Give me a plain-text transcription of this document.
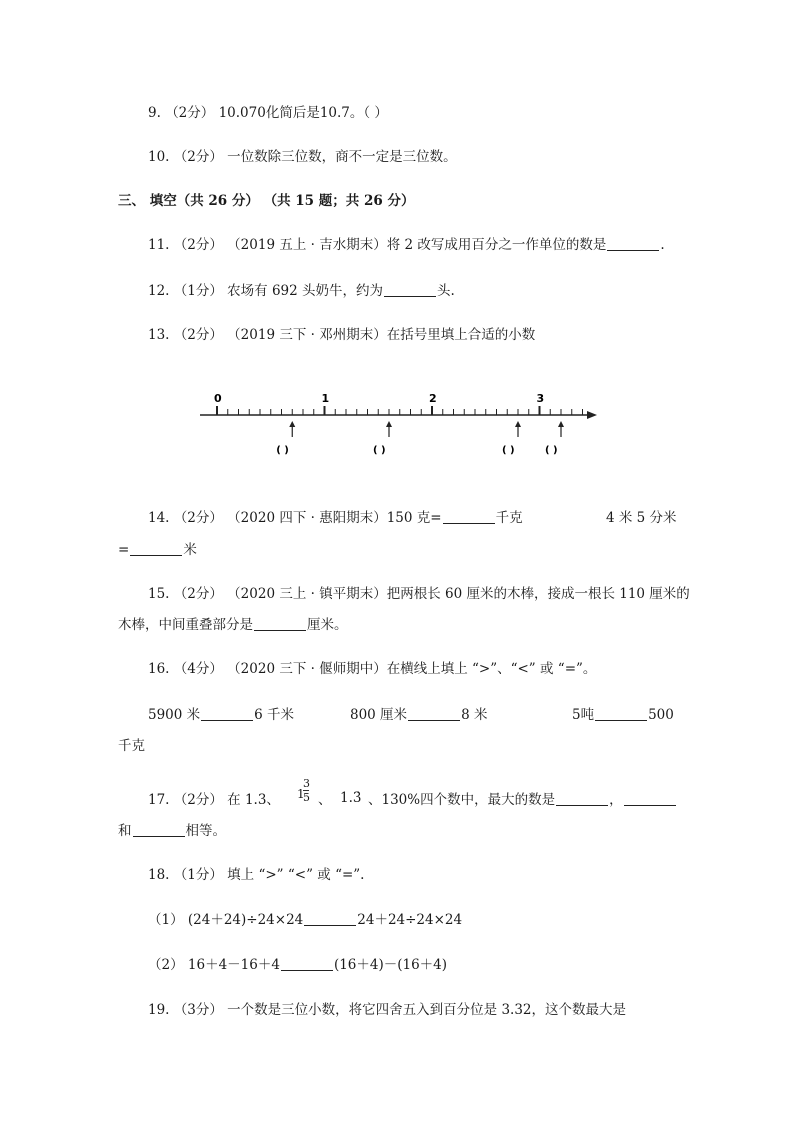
9. （2分） 10.070化简后是10.7。（ ）
10. （2分） 一位数除三位数，商不一定是三位数。
三、 填空（共 26 分） （共 15 题；共 26 分）
11. （2分） （2019 五上 · 吉水期末）将 2 改写成用百分之一作单位的数是	.
12. （1分） 农场有 692 头奶牛，约为	头.
13. （2分） （2019 三下 · 邓州期末）在括号里填上合适的小数
0	1	2	3
( )	( )	( )	( )
14. （2分） （2020 四下 · 惠阳期末）150 克=	千克	4 米 5 分米
=	米
15. （2分） （2020 三上 · 镇平期末）把两根长 60 厘米的木棒，接成一根长 110 厘米的
木棒，中间重叠部分是	厘米。
16. （4分） （2020 三下 · 偃师期中）在横线上填上 “>”、“<” 或 “=”。
5900 米	6 千米	800 厘米	8 米	5吨	500
千克
17. （2分） 在 1.3、 1
3
5 、 1.3̇ 、130%四个数中，最大的数是	，
和	相等。
18. （1分） 填上 “>” “<” 或 “=”.
（1） (24＋24)÷24×24	24＋24÷24×24
（2） 16＋4－16＋4	(16＋4)－(16＋4)
19. （3分） 一个数是三位小数，将它四舍五入到百分位是 3.32，这个数最大是
